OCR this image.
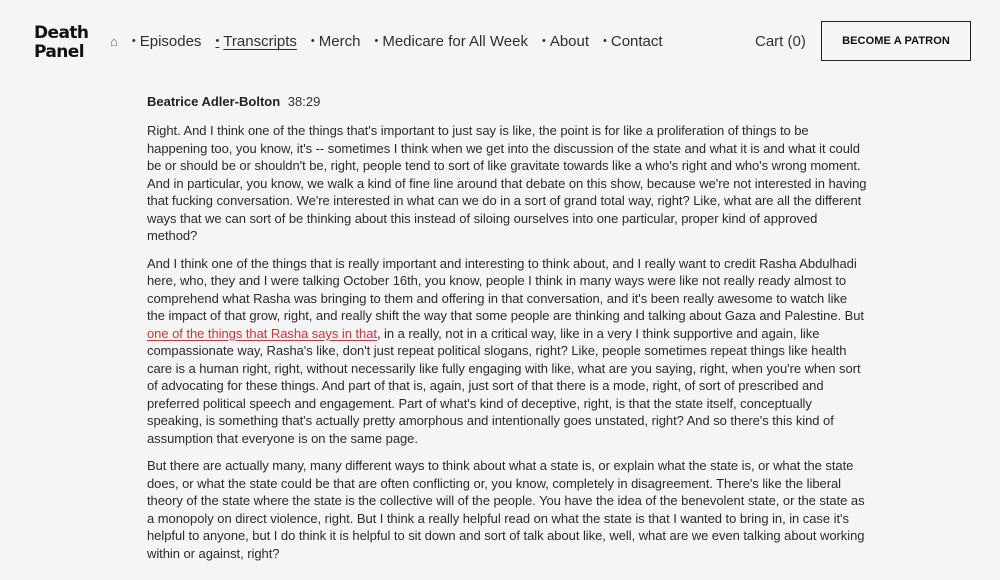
Death
Panel
⌂ • Episodes • Transcripts • Merch • Medicare for All Week • About • Contact	Cart (0)	BECOME A PATRON
Beatrice Adler-Bolton 38:29

Right. And I think one of the things that's important to just say is like, the point is for like a proliferation of things to be happening too, you know, it's -- sometimes I think when we get into the discussion of the state and what it is and what it could be or should be or shouldn't be, right, people tend to sort of like gravitate towards like a who's right and who's wrong moment. And in particular, you know, we walk a kind of fine line around that debate on this show, because we're not interested in having that fucking conversation. We're interested in what can we do in a sort of grand total way, right? Like, what are all the different ways that we can sort of be thinking about this instead of siloing ourselves into one particular, proper kind of approved method?

And I think one of the things that is really important and interesting to think about, and I really want to credit Rasha Abdulhadi here, who, they and I were talking October 16th, you know, people I think in many ways were like not really ready almost to comprehend what Rasha was bringing to them and offering in that conversation, and it's been really awesome to watch like the impact of that grow, right, and really shift the way that some people are thinking and talking about Gaza and Palestine. But one of the things that Rasha says in that, in a really, not in a critical way, like in a very I think supportive and again, like compassionate way, Rasha's like, don't just repeat political slogans, right? Like, people sometimes repeat things like health care is a human right, right, without necessarily like fully engaging with like, what are you saying, right, when you're when sort of advocating for these things. And part of that is, again, just sort of that there is a mode, right, of sort of prescribed and preferred political speech and engagement. Part of what's kind of deceptive, right, is that the state itself, conceptually speaking, is something that's actually pretty amorphous and intentionally goes unstated, right? And so there's this kind of assumption that everyone is on the same page.

But there are actually many, many different ways to think about what a state is, or explain what the state is, or what the state does, or what the state could be that are often conflicting or, you know, completely in disagreement. There's like the liberal theory of the state where the state is the collective will of the people. You have the idea of the benevolent state, or the state as a monopoly on direct violence, right. But I think a really helpful read on what the state is that I wanted to bring in, in case it's helpful to anyone, but I do think it is helpful to sit down and sort of talk about like, well, what are we even talking about working within or against, right?
